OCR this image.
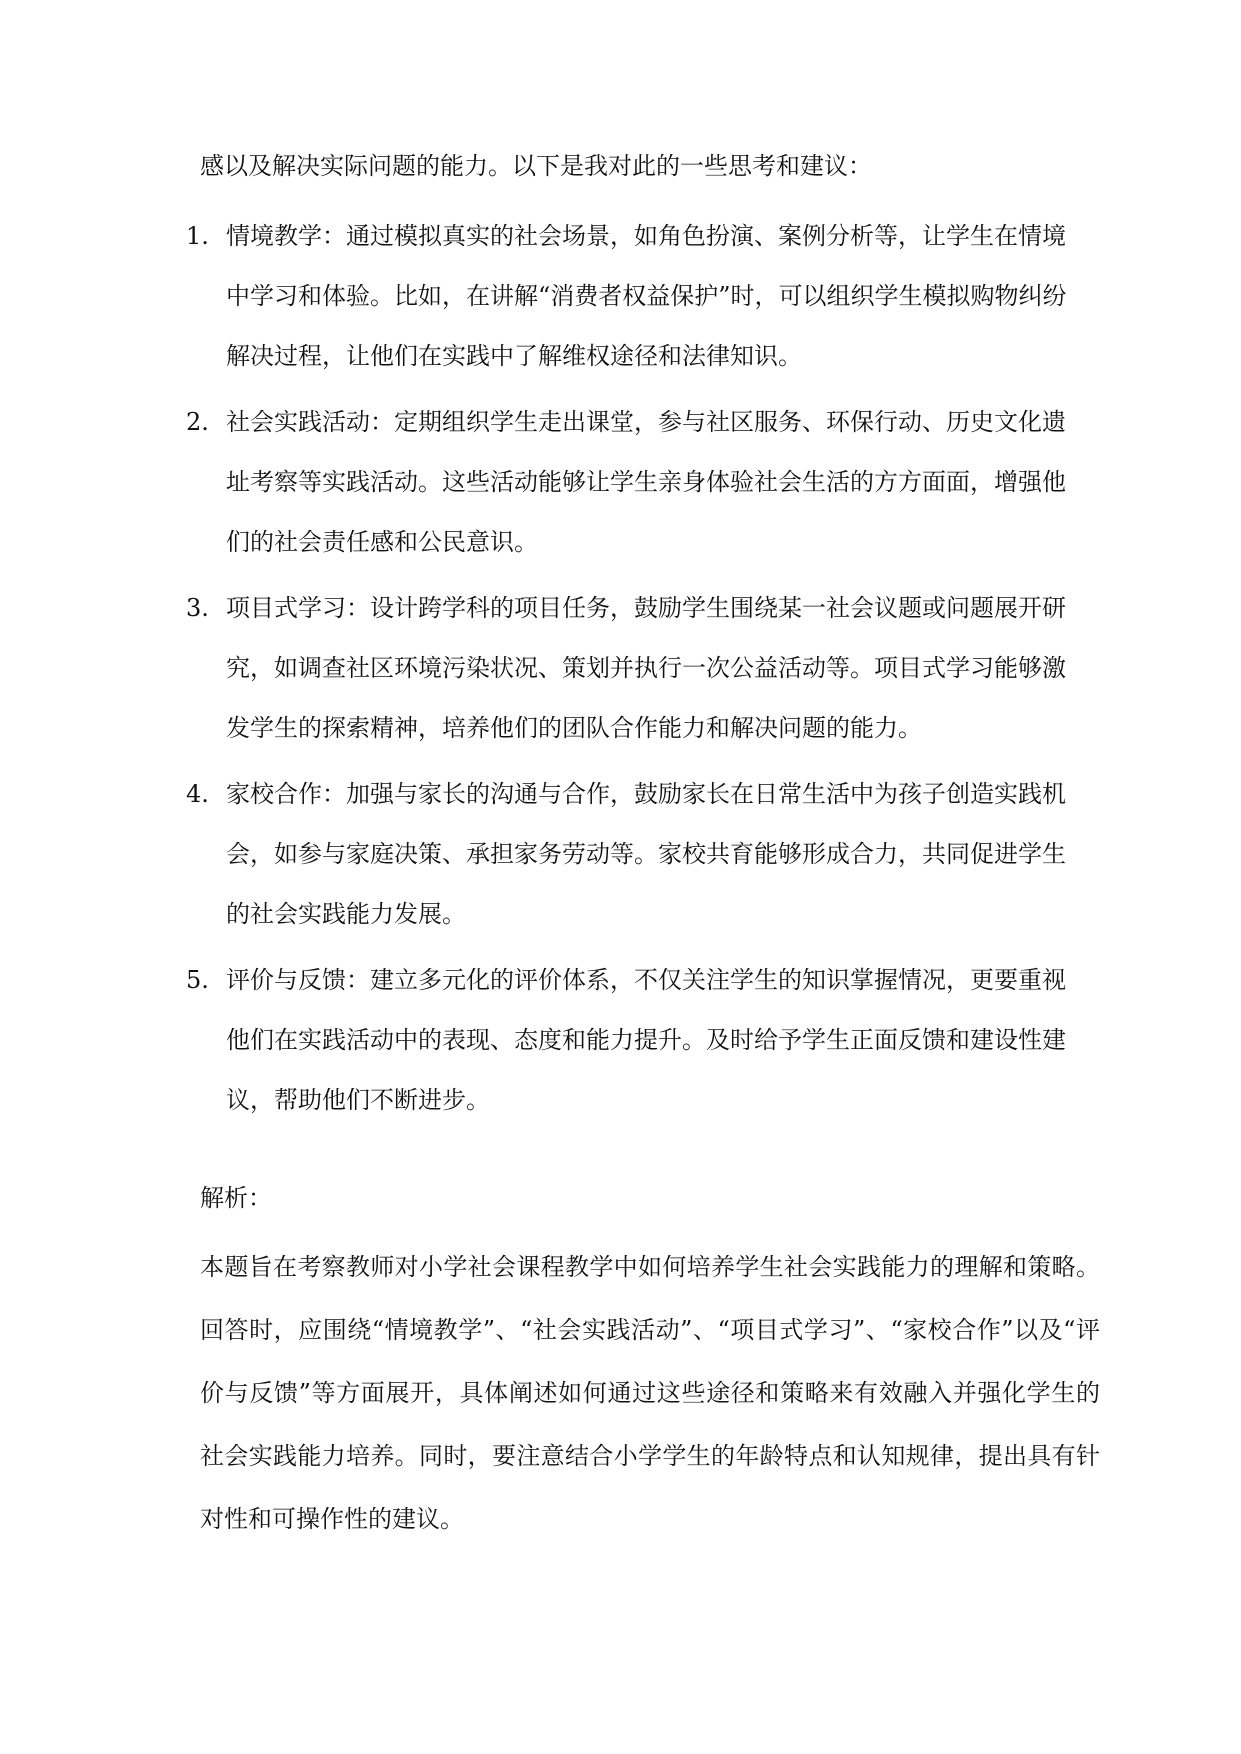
感以及解决实际问题的能力。以下是我对此的一些思考和建议：
1. 情境教学：通过模拟真实的社会场景，如角色扮演、案例分析等，让学生在情境中学习和体验。比如，在讲解“消费者权益保护”时，可以组织学生模拟购物纠纷解决过程，让他们在实践中了解维权途径和法律知识。
2. 社会实践活动：定期组织学生走出课堂，参与社区服务、环保行动、历史文化遗址考察等实践活动。这些活动能够让学生亲身体验社会生活的方方面面，增强他们的社会责任感和公民意识。
3. 项目式学习：设计跨学科的项目任务，鼓励学生围绕某一社会议题或问题展开研究，如调查社区环境污染状况、策划并执行一次公益活动等。项目式学习能够激发学生的探索精神，培养他们的团队合作能力和解决问题的能力。
4. 家校合作：加强与家长的沟通与合作，鼓励家长在日常生活中为孩子创造实践机会，如参与家庭决策、承担家务劳动等。家校共育能够形成合力，共同促进学生的社会实践能力发展。
5. 评价与反馈：建立多元化的评价体系，不仅关注学生的知识掌握情况，更要重视他们在实践活动中的表现、态度和能力提升。及时给予学生正面反馈和建设性建议，帮助他们不断进步。
解析：

本题旨在考察教师对小学社会课程教学中如何培养学生社会实践能力的理解和策略。回答时，应围绕“情境教学”、“社会实践活动”、“项目式学习”、“家校合作”以及“评价与反馈”等方面展开，具体阐述如何通过这些途径和策略来有效融入并强化学生的社会实践能力培养。同时，要注意结合小学学生的年龄特点和认知规律，提出具有针对性和可操作性的建议。
